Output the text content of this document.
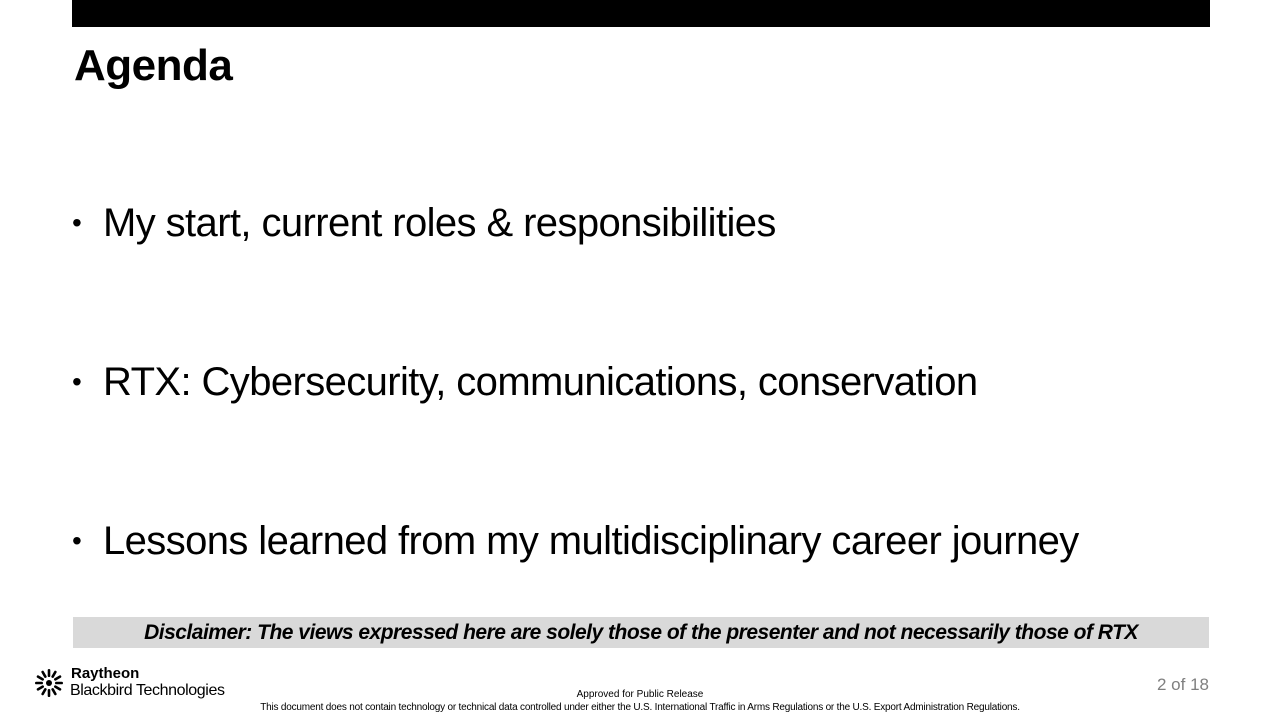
Agenda
• My start, current roles & responsibilities
• RTX: Cybersecurity, communications, conservation
• Lessons learned from my multidisciplinary career journey
Disclaimer: The views expressed here are solely those of the presenter and not necessarily those of RTX
Raytheon
Blackbird Technologies	Approved for Public Release
This document does not contain technology or technical data controlled under either the U.S. International Traffic in Arms Regulations or the U.S. Export Administration Regulations.
2 of 18
